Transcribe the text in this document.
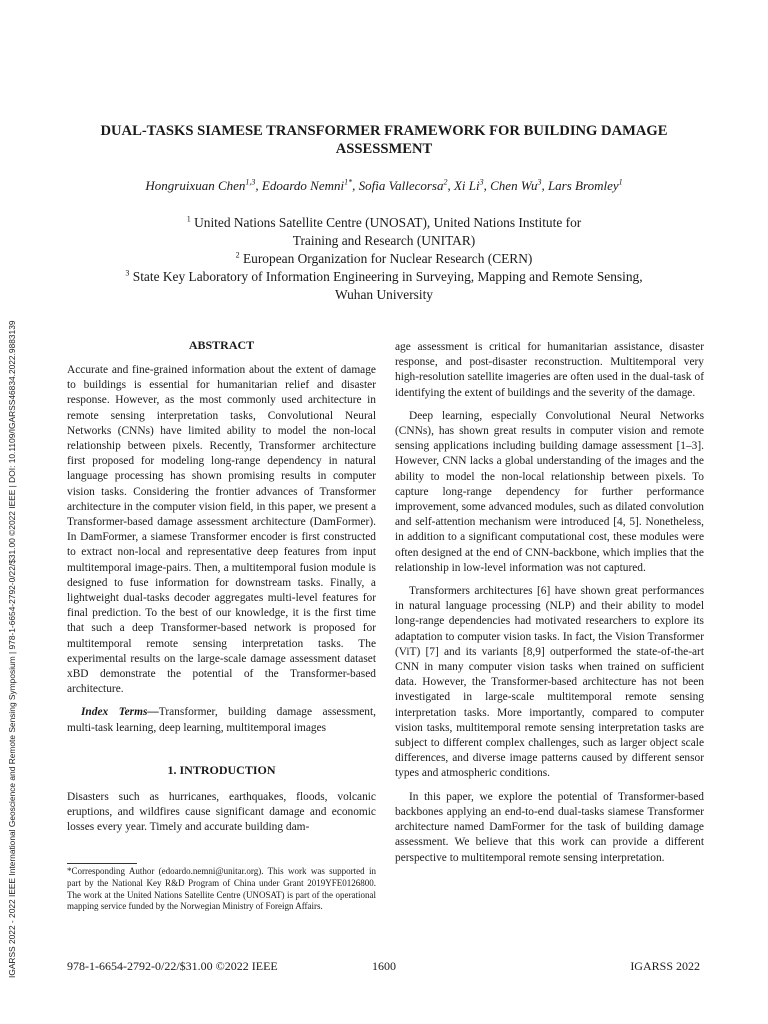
IGARSS 2022 - 2022 IEEE International Geoscience and Remote Sensing Symposium | 978-1-6654-2792-0/22/$31.00 ©2022 IEEE | DOI: 10.1109/IGARSS46834.2022.9883139
DUAL-TASKS SIAMESE TRANSFORMER FRAMEWORK FOR BUILDING DAMAGE ASSESSMENT
Hongruixuan Chen$^{1,3}$, Edoardo Nemni$^{1*}$, Sofia Vallecorsa$^2$, Xi Li$^3$, Chen Wu$^3$, Lars Bromley$^1$
$^1$ United Nations Satellite Centre (UNOSAT), United Nations Institute for
Training and Research (UNITAR)
$^2$ European Organization for Nuclear Research (CERN)
$^3$ State Key Laboratory of Information Engineering in Surveying, Mapping and Remote Sensing,
Wuhan University
ABSTRACT

Accurate and fine-grained information about the extent of damage to buildings is essential for humanitarian relief and disaster response. However, as the most commonly used architecture in remote sensing interpretation tasks, Convolutional Neural Networks (CNNs) have limited ability to model the non-local relationship between pixels. Recently, Transformer architecture first proposed for modeling long-range dependency in natural language processing has shown promising results in computer vision tasks. Considering the frontier advances of Transformer architecture in the computer vision field, in this paper, we present a Transformer-based damage assessment architecture (DamFormer). In DamFormer, a siamese Transformer encoder is first constructed to extract non-local and representative deep features from input multitemporal image-pairs. Then, a multitemporal fusion module is designed to fuse information for downstream tasks. Finally, a lightweight dual-tasks decoder aggregates multi-level features for final prediction. To the best of our knowledge, it is the first time that such a deep Transformer-based network is proposed for multitemporal remote sensing interpretation tasks. The experimental results on the large-scale damage assessment dataset xBD demonstrate the potential of the Transformer-based architecture.

Index Terms—Transformer, building damage assessment, multi-task learning, deep learning, multitemporal images

1. INTRODUCTION

Disasters such as hurricanes, earthquakes, floods, volcanic eruptions, and wildfires cause significant damage and economic losses every year. Timely and accurate building dam-

*Corresponding Author (edoardo.nemni@unitar.org). This work was supported in part by the National Key R&D Program of China under Grant 2019YFE0126800. The work at the United Nations Satellite Centre (UNOSAT) is part of the operational mapping service funded by the Norwegian Ministry of Foreign Affairs.

age assessment is critical for humanitarian assistance, disaster response, and post-disaster reconstruction. Multitemporal very high-resolution satellite imageries are often used in the dual-task of identifying the extent of buildings and the severity of the damage.

Deep learning, especially Convolutional Neural Networks (CNNs), has shown great results in computer vision and remote sensing applications including building damage assessment [1–3]. However, CNN lacks a global understanding of the images and the ability to model the non-local relationship between pixels. To capture long-range dependency for further performance improvement, some advanced modules, such as dilated convolution and self-attention mechanism were introduced [4, 5]. Nonetheless, in addition to a significant computational cost, these modules were often designed at the end of CNN-backbone, which implies that the relationship in low-level information was not captured.

Transformers architectures [6] have shown great performances in natural language processing (NLP) and their ability to model long-range dependencies had motivated researchers to explore its adaptation to computer vision tasks. In fact, the Vision Transformer (ViT) [7] and its variants [8,9] outperformed the state-of-the-art CNN in many computer vision tasks when trained on sufficient data. However, the Transformer-based architecture has not been investigated in large-scale multitemporal remote sensing interpretation tasks. More importantly, compared to computer vision tasks, multitemporal remote sensing interpretation tasks are subject to different complex challenges, such as larger object scale differences, and diverse image patterns caused by different sensor types and atmospheric conditions.

In this paper, we explore the potential of Transformer-based backbones applying an end-to-end dual-tasks siamese Transformer architecture named DamFormer for the task of building damage assessment. We believe that this work can provide a different perspective to multitemporal remote sensing interpretation.

978-1-6654-2792-0/22/$31.00 ©2022 IEEE	1600	IGARSS 2022
